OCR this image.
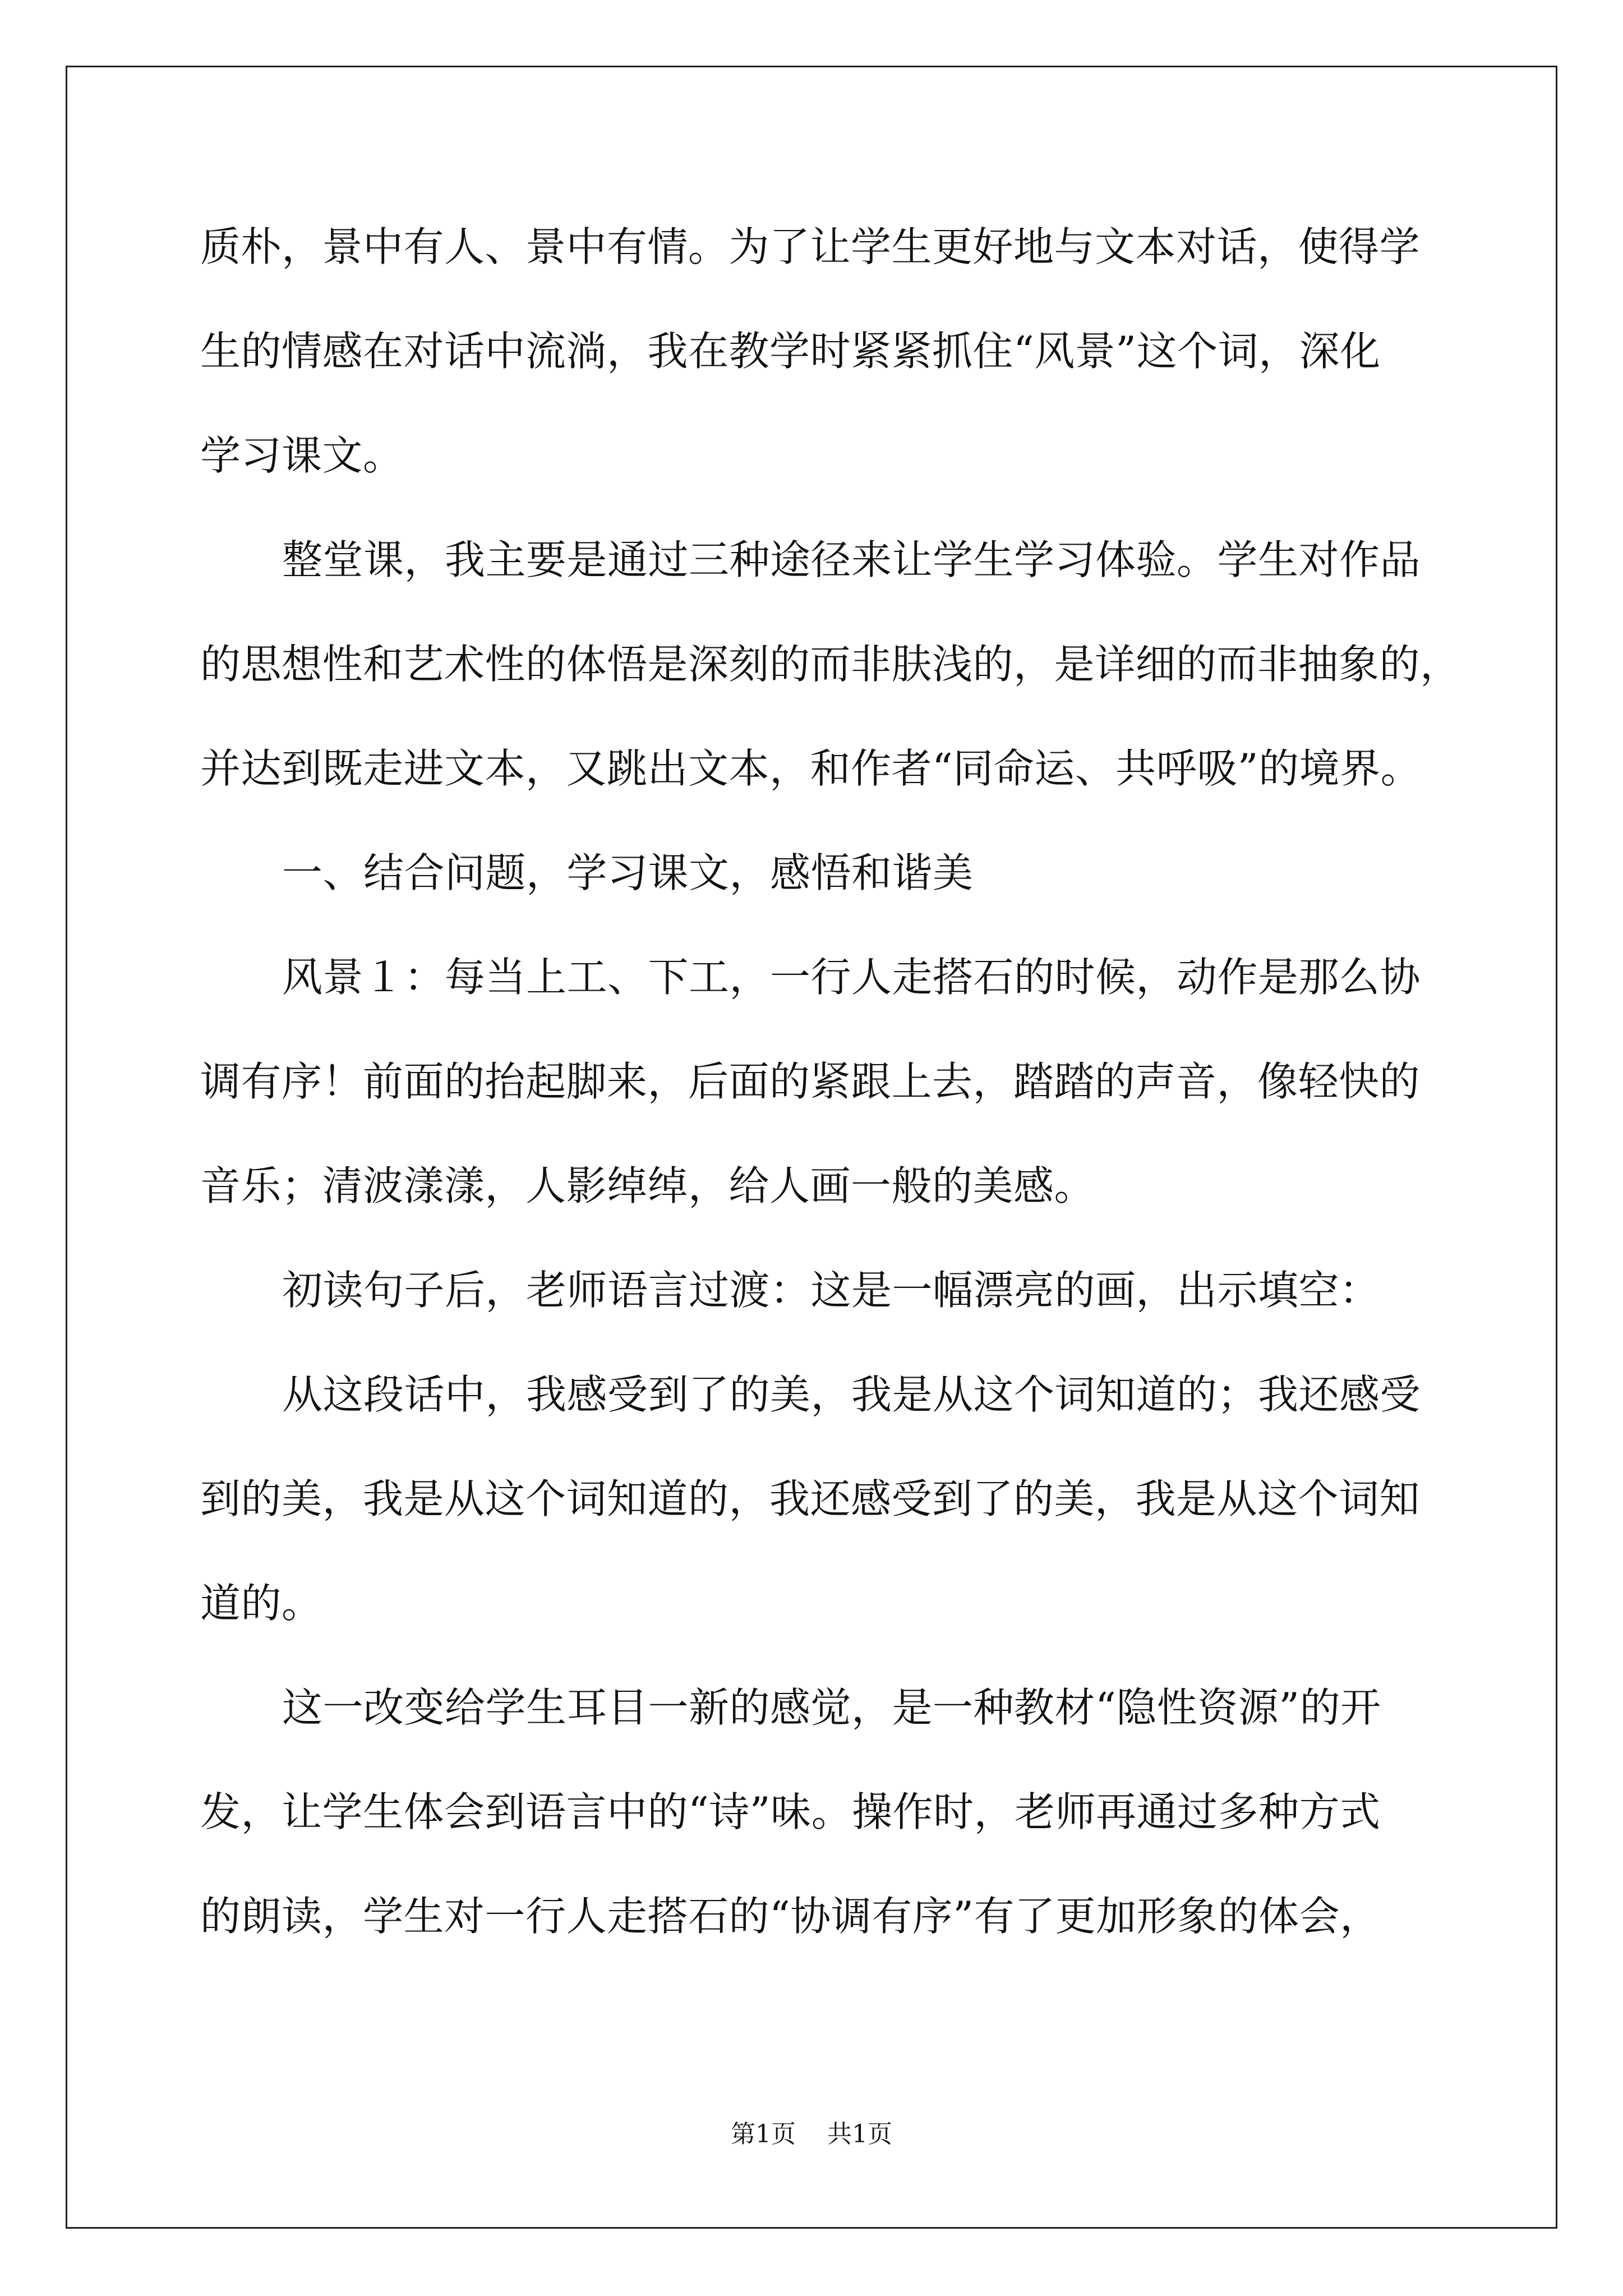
质朴，景中有人、景中有情。为了让学生更好地与文本对话，使得学
生的情感在对话中流淌，我在教学时紧紧抓住“风景”这个词，深化
学习课文。
整堂课，我主要是通过三种途径来让学生学习体验。学生对作品
的思想性和艺术性的体悟是深刻的而非肤浅的，是详细的而非抽象的，
并达到既走进文本，又跳出文本，和作者“同命运、共呼吸”的境界。
一、结合问题，学习课文，感悟和谐美
风景１：每当上工、下工，一行人走搭石的时候，动作是那么协
调有序！前面的抬起脚来，后面的紧跟上去，踏踏的声音，像轻快的
音乐；清波漾漾，人影绰绰，给人画一般的美感。
初读句子后，老师语言过渡：这是一幅漂亮的画，出示填空：
从这段话中，我感受到了的美，我是从这个词知道的；我还感受
到的美，我是从这个词知道的，我还感受到了的美，我是从这个词知
道的。
这一改变给学生耳目一新的感觉，是一种教材“隐性资源”的开
发，让学生体会到语言中的“诗”味。操作时，老师再通过多种方式
的朗读，学生对一行人走搭石的“协调有序”有了更加形象的体会，
第1页 共1页
